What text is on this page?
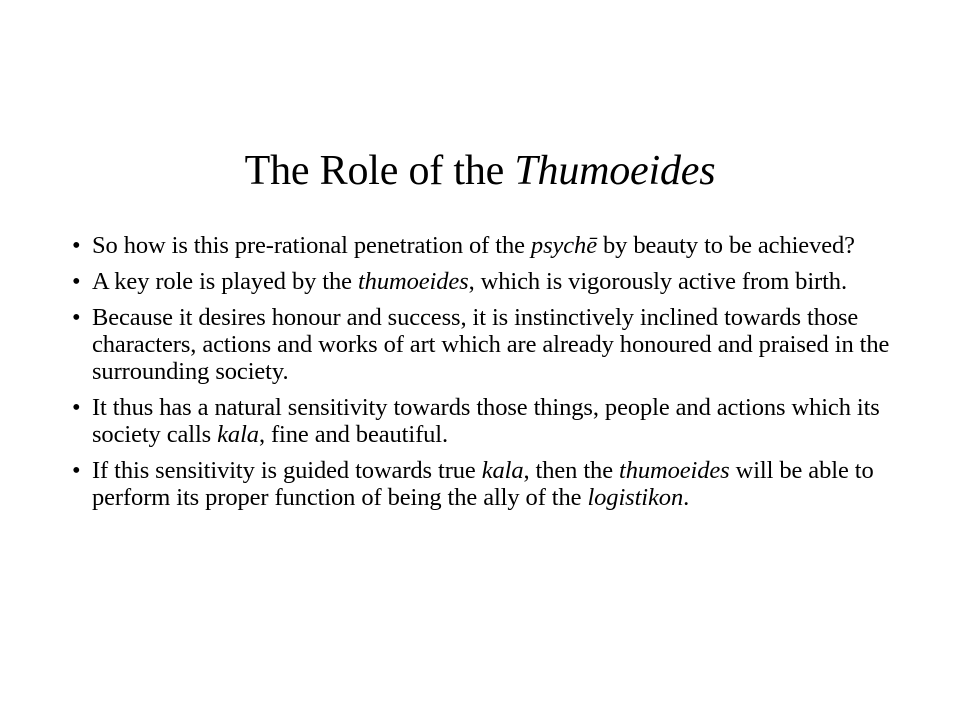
The Role of the Thumoeides
• So how is this pre-rational penetration of the psychē by beauty to be achieved?
• A key role is played by the thumoeides, which is vigorously active from birth.
• Because it desires honour and success, it is instinctively inclined towards those characters, actions and works of art which are already honoured and praised in the surrounding society.
• It thus has a natural sensitivity towards those things, people and actions which its society calls kala, fine and beautiful.
• If this sensitivity is guided towards true kala, then the thumoeides will be able to perform its proper function of being the ally of the logistikon.
